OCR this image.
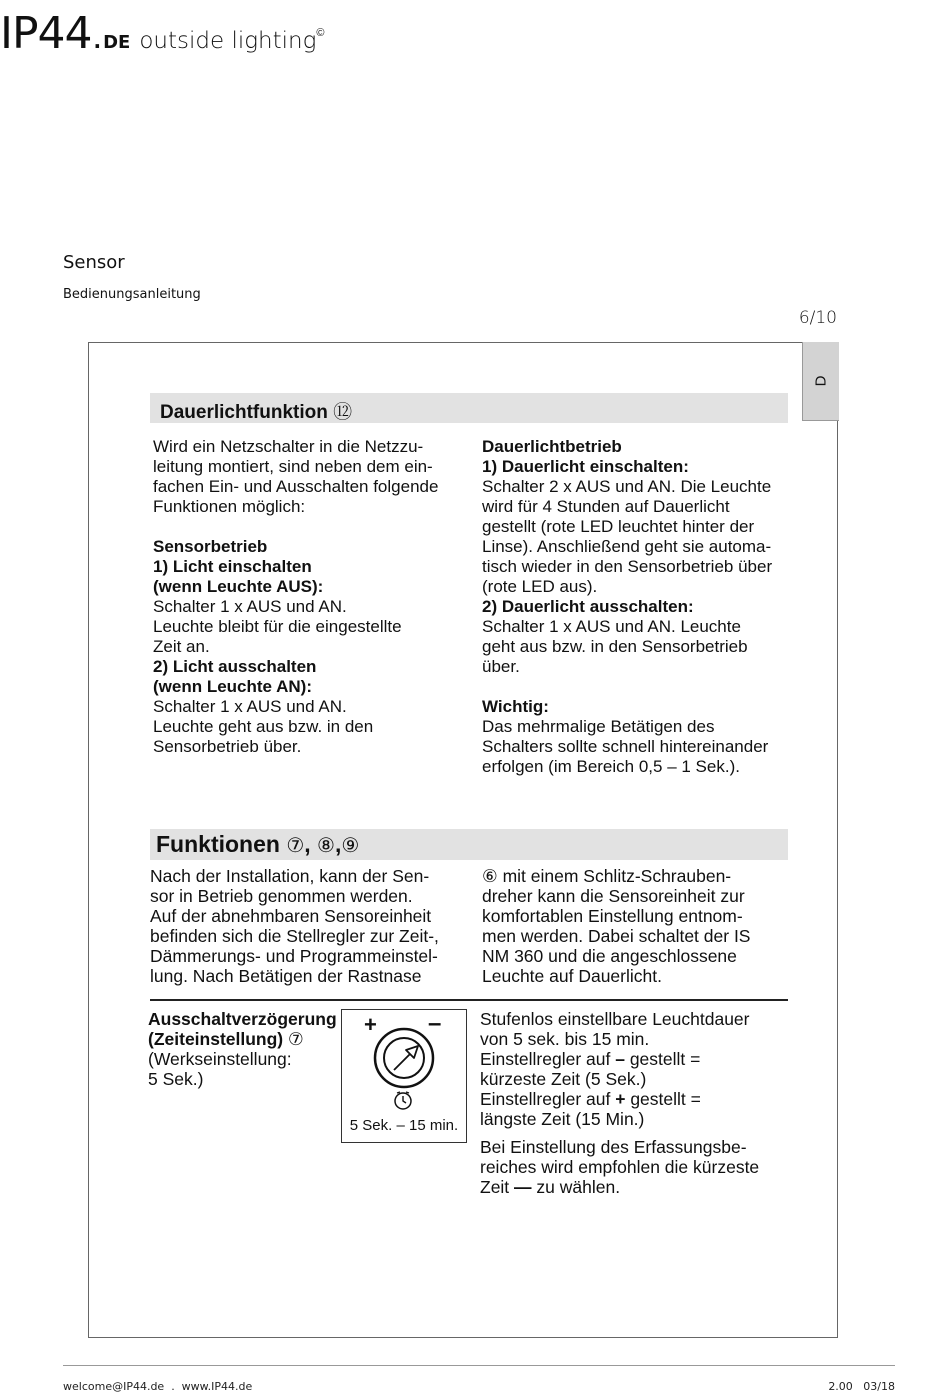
IP44 . DE outside lighting ©
Sensor
Bedienungsanleitung
6/10
D
Dauerlichtfunktion ⑫
Wird ein Netzschalter in die Netzzu-
leitung montiert, sind neben dem ein-
fachen Ein- und Ausschalten folgende
Funktionen möglich:
Sensorbetrieb
1) Licht einschalten
(wenn Leuchte AUS):
Schalter 1 x AUS und AN.
Leuchte bleibt für die eingestellte
Zeit an.
2) Licht ausschalten
(wenn Leuchte AN):
Schalter 1 x AUS und AN.
Leuchte geht aus bzw. in den
Sensorbetrieb über.
Dauerlichtbetrieb
1) Dauerlicht einschalten:
Schalter 2 x AUS und AN. Die Leuchte
wird für 4 Stunden auf Dauerlicht
gestellt (rote LED leuchtet hinter der
Linse). Anschließend geht sie automa-
tisch wieder in den Sensorbetrieb über
(rote LED aus).
2) Dauerlicht ausschalten:
Schalter 1 x AUS und AN. Leuchte
geht aus bzw. in den Sensorbetrieb
über.
Wichtig:
Das mehrmalige Betätigen des
Schalters sollte schnell hintereinander
erfolgen (im Bereich 0,5 – 1 Sek.).
Funktionen ⑦, ⑧,⑨
Nach der Installation, kann der Sen-
sor in Betrieb genommen werden.
Auf der abnehmbaren Sensoreinheit
befinden sich die Stellregler zur Zeit-,
Dämmerungs- und Programmeinstel-
lung. Nach Betätigen der Rastnase
⑥ mit einem Schlitz-Schrauben-
dreher kann die Sensoreinheit zur
komfortablen Einstellung entnom-
men werden. Dabei schaltet der IS
NM 360 und die angeschlossene
Leuchte auf Dauerlicht.
Ausschaltverzögerung
(Zeiteinstellung) ⑦
(Werkseinstellung:
5 Sek.)
+ –
5 Sek. – 15 min.
Stufenlos einstellbare Leuchtdauer
von 5 sek. bis 15 min.
Einstellregler auf – gestellt =
kürzeste Zeit (5 Sek.)
Einstellregler auf + gestellt =
längste Zeit (15 Min.)
Bei Einstellung des Erfassungsbe-
reiches wird empfohlen die kürzeste
Zeit — zu wählen.
welcome@IP44.de  .  www.IP44.de	2.00   03/18
